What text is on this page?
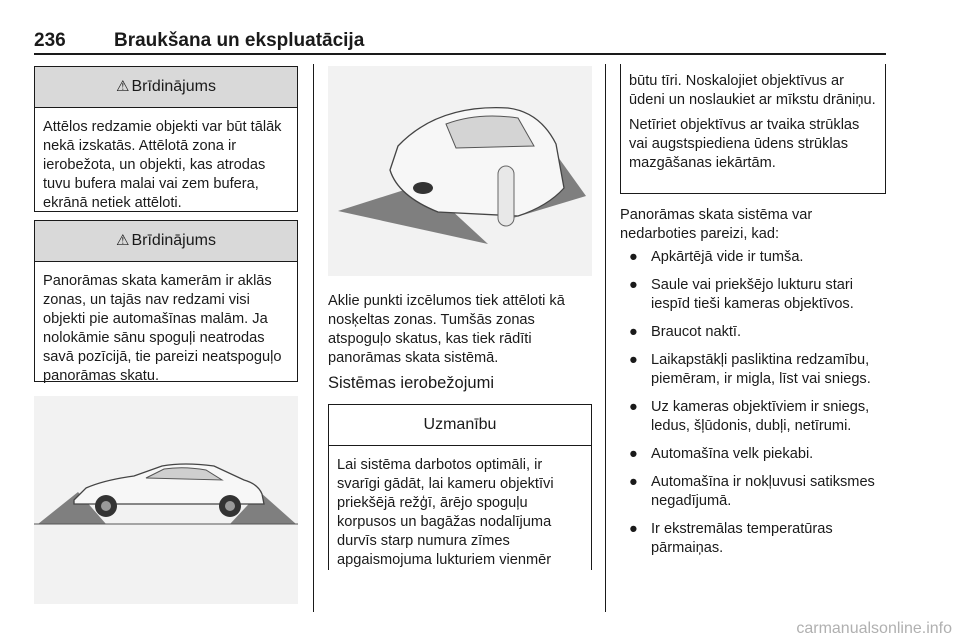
236	Braukšana un ekspluatācija
⚠ Brīdinājums
Attēlos redzamie objekti var būt tālāk nekā izskatās. Attēlotā zona ir ierobežota, un objekti, kas atrodas tuvu bufera malai vai zem bufera, ekrānā netiek attēloti.
⚠ Brīdinājums
Panorāmas skata kamerām ir aklās zonas, un tajās nav redzami visi objekti pie automašīnas malām. Ja nolokāmie sānu spoguļi neatrodas savā pozīcijā, tie pareizi neatspoguļo panorāmas skatu.
Aklie punkti izcēlumos tiek attēloti kā nosķeltas zonas. Tumšās zonas atspoguļo skatus, kas tiek rādīti panorāmas skata sistēmā.
Sistēmas ierobežojumi
Uzmanību
Lai sistēma darbotos optimāli, ir svarīgi gādāt, lai kameru objektīvi priekšējā režģī, ārējo spoguļu korpusos un bagāžas nodalījuma durvīs starp numura zīmes apgaismojuma lukturiem vienmēr

būtu tīri. Noskalojiet objektīvus ar ūdeni un noslaukiet ar mīkstu drāniņu.

Netīriet objektīvus ar tvaika strūklas vai augstspiediena ūdens strūklas mazgāšanas iekārtām.

Panorāmas skata sistēma var nedarboties pareizi, kad:
● Apkārtējā vide ir tumša.
● Saule vai priekšējo lukturu stari iespīd tieši kameras objektīvos.
● Braucot naktī.
● Laikapstākļi pasliktina redzamību, piemēram, ir migla, līst vai sniegs.
● Uz kameras objektīviem ir sniegs, ledus, šļūdonis, dubļi, netīrumi.
● Automašīna velk piekabi.
● Automašīna ir nokļuvusi satiksmes negadījumā.
● Ir ekstremālas temperatūras pārmaiņas.
carmanualsonline.info
